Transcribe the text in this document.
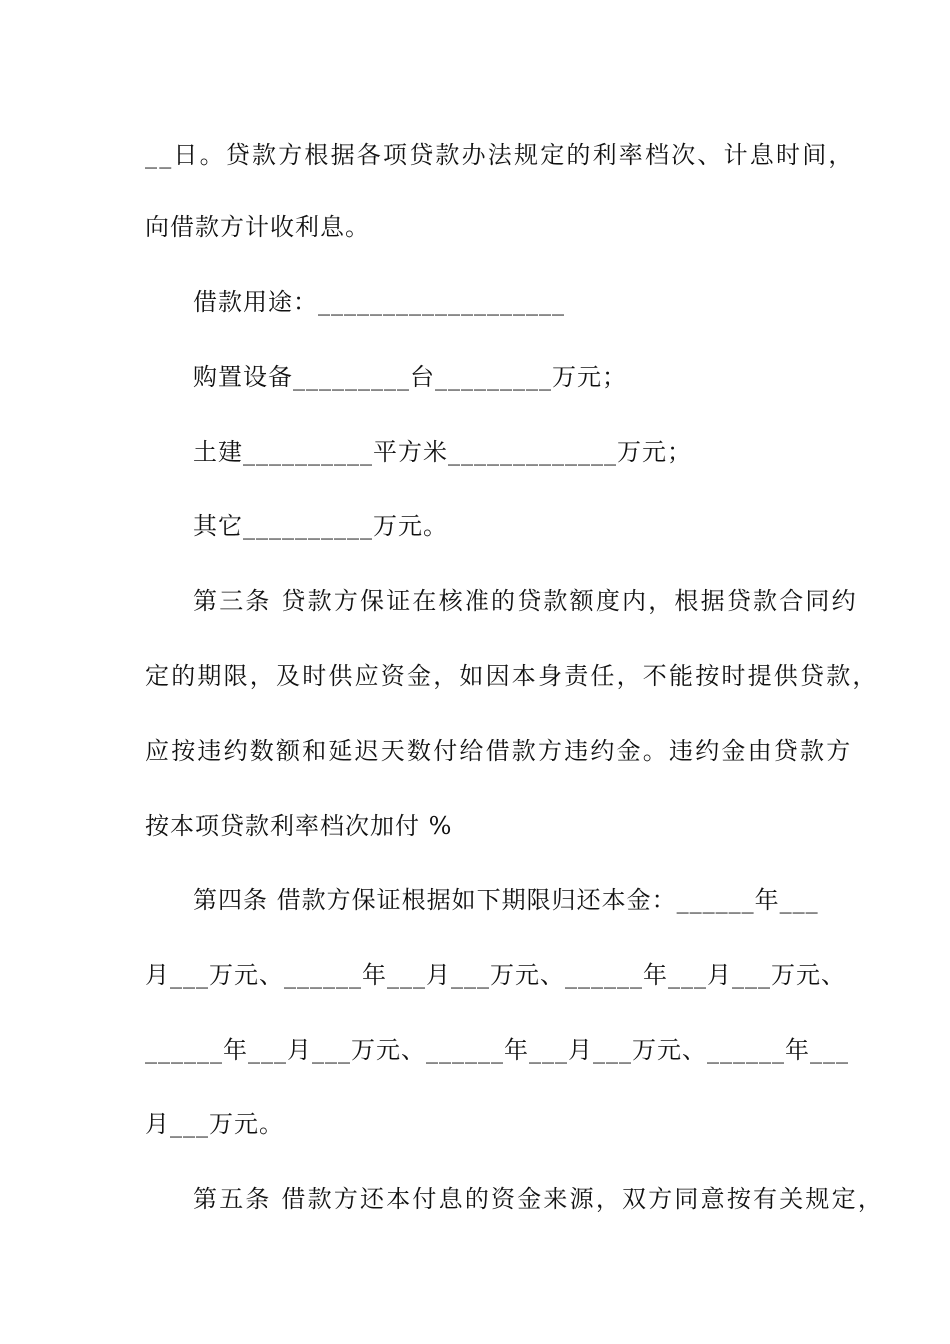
__日。贷款方根据各项贷款办法规定的利率档次、计息时间，
向借款方计收利息。
借款用途：___________________
购置设备_________台_________万元；
土建__________平方米_____________万元；
其它__________万元。
第三条 贷款方保证在核准的贷款额度内，根据贷款合同约
定的期限，及时供应资金，如因本身责任，不能按时提供贷款，
应按违约数额和延迟天数付给借款方违约金。违约金由贷款方
按本项贷款利率档次加付 %
第四条 借款方保证根据如下期限归还本金：______年___
月___万元、______年___月___万元、______年___月___万元、
______年___月___万元、______年___月___万元、______年___
月___万元。
第五条 借款方还本付息的资金来源，双方同意按有关规定，
